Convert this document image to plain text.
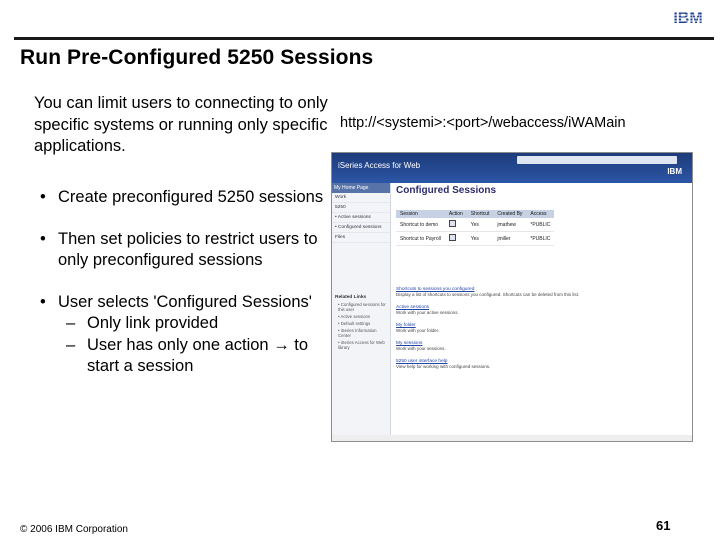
IBM
Run Pre-Configured 5250 Sessions

You can limit users to connecting to only specific systems or running only specific applications.

http://<systemi>:<port>/webaccess/iWAMain
• Create preconfigured 5250 sessions
• Then set policies to restrict users to only preconfigured sessions
• User selects 'Configured Sessions'
– Only link provided
– User has only one action → to start a session
iSeries Access for Web
IBM
My Home Page
Work
5250
• Active sessions
• Configured sessions
Files
Related Links
• Configured sessions for this user
• Active sessions
• Default settings
• iSeries Information Center
• iSeries Access for Web library
Configured Sessions
Session	Action	Shortcut	Created By	Access
Shortcut to demo		Yes	jmathew	*PUBLIC
Shortcut to Payroll		Yes	jmiller	*PUBLIC
Shortcuts to sessions you configured
Display a list of shortcuts to sessions you configured. Shortcuts can be deleted from this list.
Active sessions
Work with your active sessions.
My folder
Work with your folder.
My sessions
Work with your sessions.
5250 user interface help
View help for working with configured sessions.
© 2006 IBM Corporation	61
